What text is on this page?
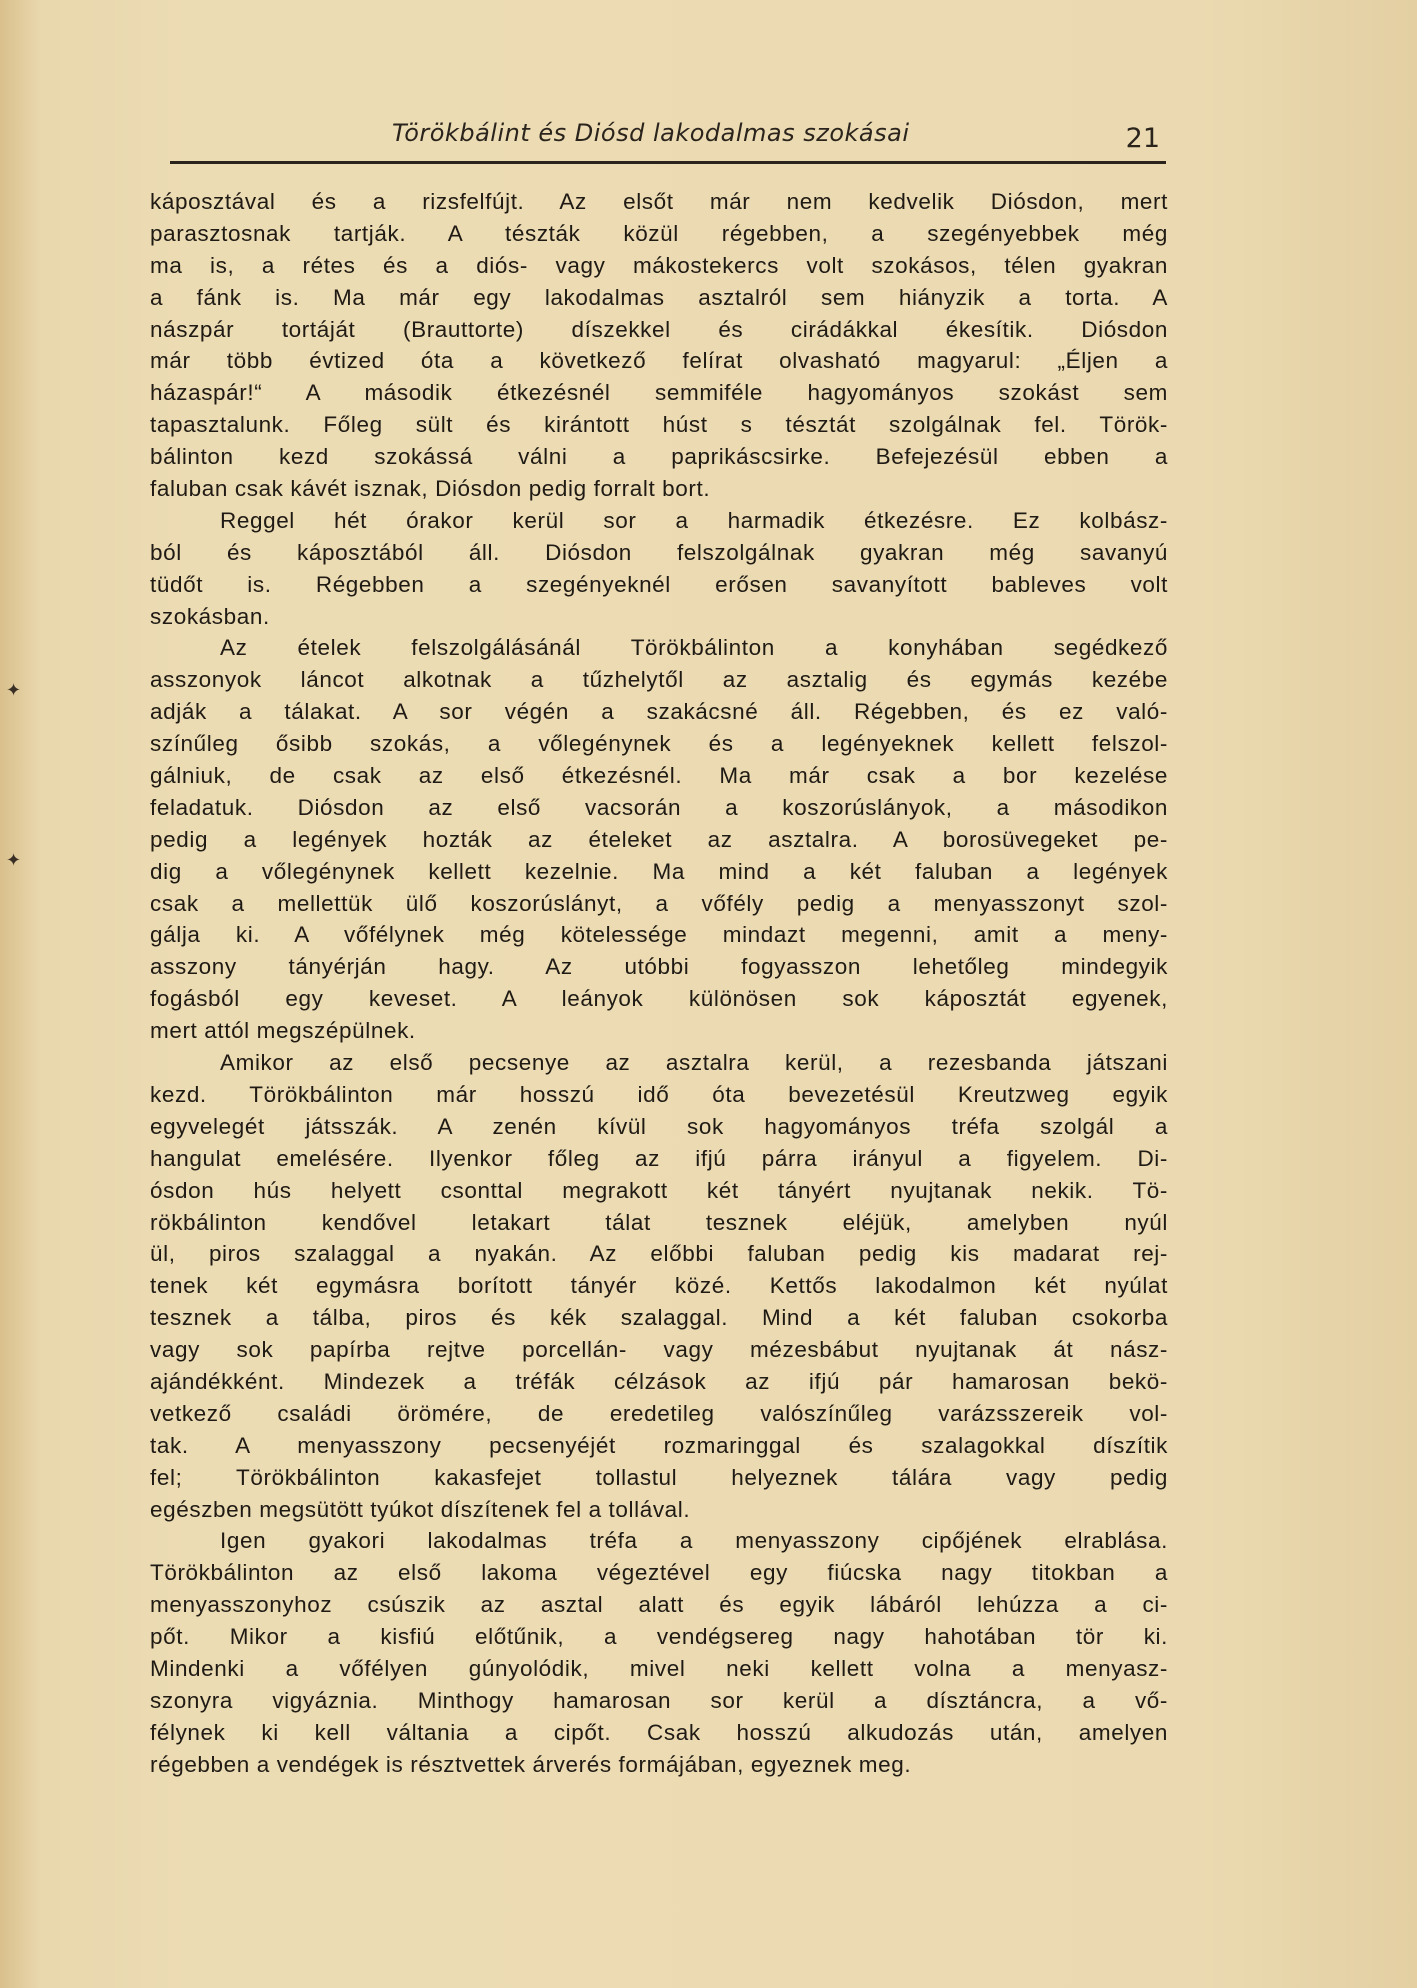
Törökbálint és Diósd lakodalmas szokásai	21
✦
✦
káposztával és a rizsfelfújt. Az elsőt már nem kedvelik Diósdon, mert
parasztosnak tartják. A tészták közül régebben, a szegényebbek még
ma is, a rétes és a diós- vagy mákostekercs volt szokásos, télen gyakran
a fánk is. Ma már egy lakodalmas asztalról sem hiányzik a torta. A
nászpár tortáját (Brauttorte) díszekkel és cirádákkal ékesítik. Diósdon
már több évtized óta a következő felírat olvasható magyarul: „Éljen a
házaspár!“ A második étkezésnél semmiféle hagyományos szokást sem
tapasztalunk. Főleg sült és kirántott húst s tésztát szolgálnak fel. Török-
bálinton kezd szokássá válni a paprikáscsirke. Befejezésül ebben a
faluban csak kávét isznak, Diósdon pedig forralt bort.
Reggel hét órakor kerül sor a harmadik étkezésre. Ez kolbász-
ból és káposztából áll. Diósdon felszolgálnak gyakran még savanyú
tüdőt is. Régebben a szegényeknél erősen savanyított bableves volt
szokásban.
Az ételek felszolgálásánál Törökbálinton a konyhában segédkező
asszonyok láncot alkotnak a tűzhelytől az asztalig és egymás kezébe
adják a tálakat. A sor végén a szakácsné áll. Régebben, és ez való-
színűleg ősibb szokás, a vőlegénynek és a legényeknek kellett felszol-
gálniuk, de csak az első étkezésnél. Ma már csak a bor kezelése
feladatuk. Diósdon az első vacsorán a koszorúslányok, a másodikon
pedig a legények hozták az ételeket az asztalra. A borosüvegeket pe-
dig a vőlegénynek kellett kezelnie. Ma mind a két faluban a legények
csak a mellettük ülő koszorúslányt, a vőfély pedig a menyasszonyt szol-
gálja ki. A vőfélynek még kötelessége mindazt megenni, amit a meny-
asszony tányérján hagy. Az utóbbi fogyasszon lehetőleg mindegyik
fogásból egy keveset. A leányok különösen sok káposztát egyenek,
mert attól megszépülnek.
Amikor az első pecsenye az asztalra kerül, a rezesbanda játszani
kezd. Törökbálinton már hosszú idő óta bevezetésül Kreutzweg egyik
egyvelegét játsszák. A zenén kívül sok hagyományos tréfa szolgál a
hangulat emelésére. Ilyenkor főleg az ifjú párra irányul a figyelem. Di-
ósdon hús helyett csonttal megrakott két tányért nyujtanak nekik. Tö-
rökbálinton kendővel letakart tálat tesznek eléjük, amelyben nyúl
ül, piros szalaggal a nyakán. Az előbbi faluban pedig kis madarat rej-
tenek két egymásra borított tányér közé. Kettős lakodalmon két nyúlat
tesznek a tálba, piros és kék szalaggal. Mind a két faluban csokorba
vagy sok papírba rejtve porcellán- vagy mézesbábut nyujtanak át nász-
ajándékként. Mindezek a tréfák célzások az ifjú pár hamarosan bekö-
vetkező családi örömére, de eredetileg valószínűleg varázsszereik vol-
tak. A menyasszony pecsenyéjét rozmaringgal és szalagokkal díszítik
fel; Törökbálinton kakasfejet tollastul helyeznek tálára vagy pedig
egészben megsütött tyúkot díszítenek fel a tollával.
Igen gyakori lakodalmas tréfa a menyasszony cipőjének elrablása.
Törökbálinton az első lakoma végeztével egy fiúcska nagy titokban a
menyasszonyhoz csúszik az asztal alatt és egyik lábáról lehúzza a ci-
pőt. Mikor a kisfiú előtűnik, a vendégsereg nagy hahotában tör ki.
Mindenki a vőfélyen gúnyolódik, mivel neki kellett volna a menyasz-
szonyra vigyáznia. Minthogy hamarosan sor kerül a dísztáncra, a vő-
félynek ki kell váltania a cipőt. Csak hosszú alkudozás után, amelyen
régebben a vendégek is résztvettek árverés formájában, egyeznek meg.
